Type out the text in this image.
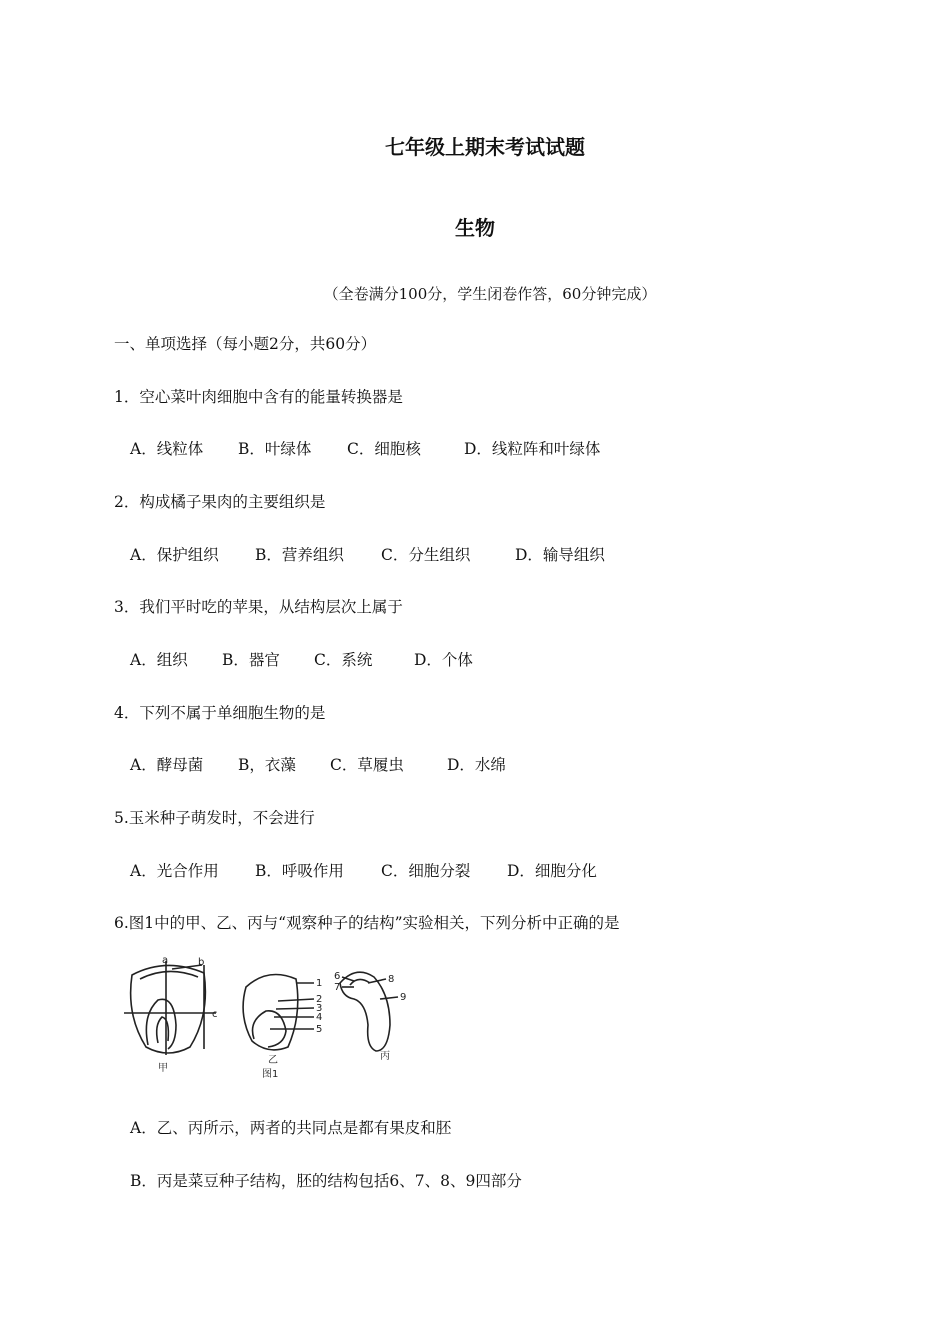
七年级上期末考试试题
生物
（全卷满分100分，学生闭卷作答，60分钟完成）
一、单项选择（每小题2分，共60分）
1．空心菜叶肉细胞中含有的能量转换器是
A．线粒体 B．叶绿体 C．细胞核	D．线粒阵和叶绿体
2．构成橘子果肉的主要组织是
A．保护组织 B．营养组织 C．分生组织	D．输导组织
3．我们平时吃的苹果，从结构层次上属于
A．组织 B．器官 C．系统	D．个体
4．下列不属于单细胞生物的是
A．酵母菌 B，衣藻 C．草履虫	D．水绵
5.玉米种子萌发时，不会进行
A．光合作用 B．呼吸作用 C．细胞分裂 D．细胞分化
6.图1中的甲、乙、丙与“观察种子的结构”实验相关，下列分析中正确的是
a	b
c
甲
1
2
3
4
5
乙
图1
6
7
8
9
丙
A．乙、丙所示，两者的共同点是都有果皮和胚
B．丙是菜豆种子结构，胚的结构包括6、7、8、9四部分
